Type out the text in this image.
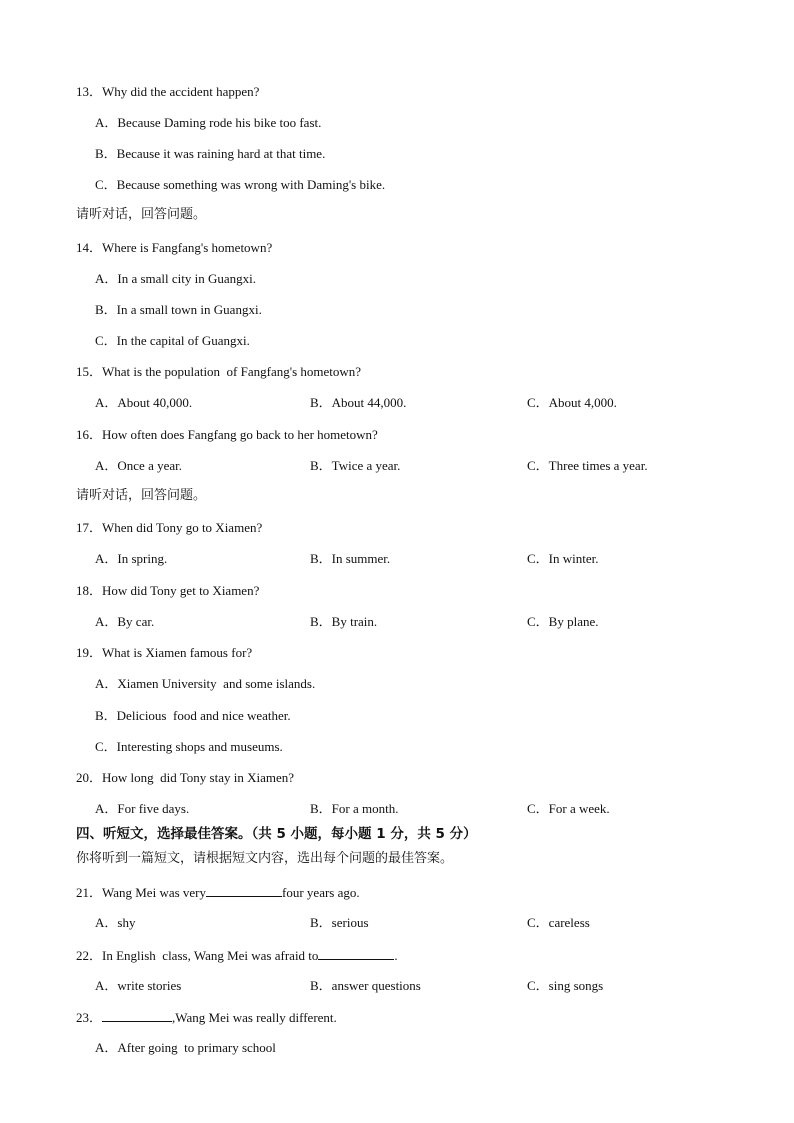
13．Why did the accident happen?
A．Because Daming rode his bike too fast.
B．Because it was raining hard at that time.
C．Because something was wrong with Daming's bike.
请听对话，回答问题。
14．Where is Fangfang's hometown?
A．In a small city in Guangxi.
B．In a small town in Guangxi.
C．In the capital of Guangxi.
15．What is the population  of Fangfang's hometown?
A．About 40,000.	B．About 44,000.	C．About 4,000.
16．How often does Fangfang go back to her hometown?
A．Once a year.	B．Twice a year.	C．Three times a year.
请听对话，回答问题。
17．When did Tony go to Xiamen?
A．In spring.	B．In summer.	C．In winter.
18．How did Tony get to Xiamen?
A．By car.	B．By train.	C．By plane.
19．What is Xiamen famous for?
A．Xiamen University  and some islands.
B．Delicious  food and nice weather.
C．Interesting shops and museums.
20．How long  did Tony stay in Xiamen?
A．For five days.	B．For a month.	C．For a week.
四、听短文，选择最佳答案。（共 5 小题，每小题 1 分，共 5 分）
你将听到一篇短文，请根据短文内容，选出每个问题的最佳答案。
21．Wang Mei was very	four years ago.
A．shy	B．serious	C．careless
22．In English  class, Wang Mei was afraid to	.
A．write stories	B．answer questions	C．sing songs
23．	,Wang Mei was really different.
A．After going  to primary school
